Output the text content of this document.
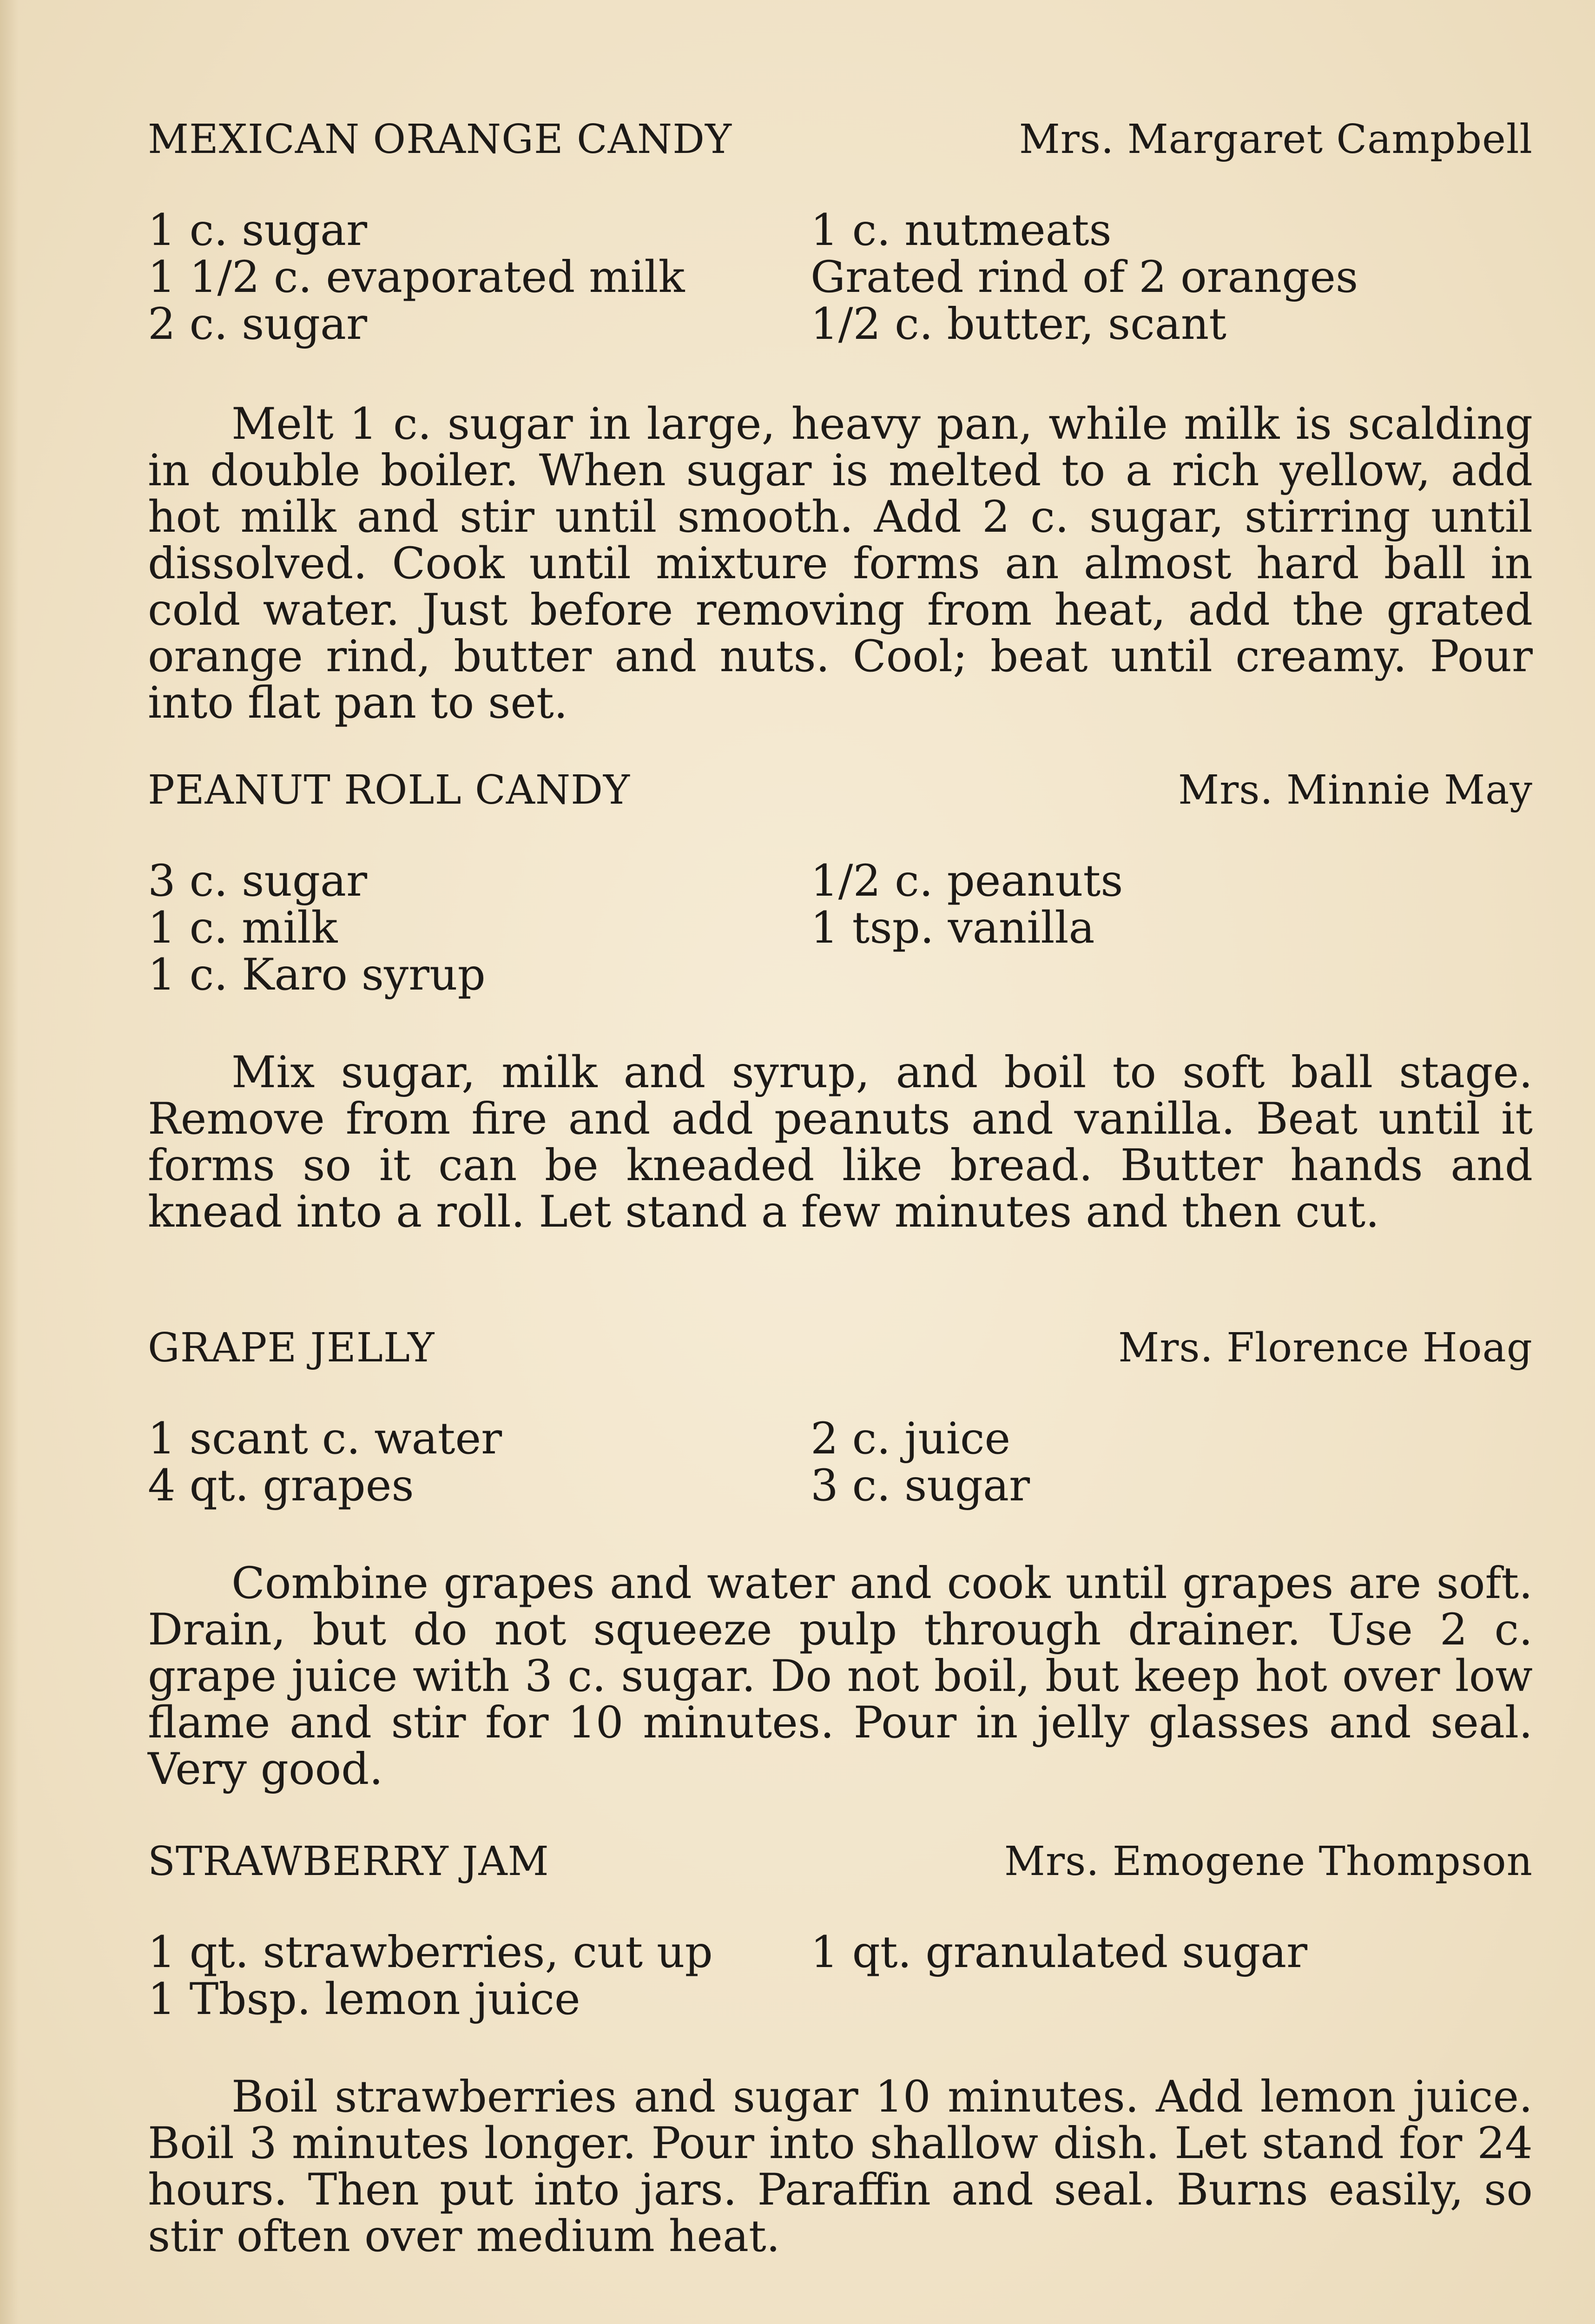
MEXICAN ORANGE CANDY	Mrs. Margaret Campbell
1 c. sugar
1 1/2 c. evaporated milk
2 c. sugar
1 c. nutmeats
Grated rind of 2 oranges
1/2 c. butter, scant

Melt 1 c. sugar in large, heavy pan, while milk is scalding in double boiler. When sugar is melted to a rich yellow, add hot milk and stir until smooth. Add 2 c. sugar, stirring until dissolved. Cook until mixture forms an almost hard ball in cold water. Just before removing from heat, add the grated orange rind, butter and nuts. Cool; beat until creamy. Pour into flat pan to set.

PEANUT ROLL CANDY	Mrs. Minnie May
3 c. sugar
1 c. milk
1 c. Karo syrup
1/2 c. peanuts
1 tsp. vanilla

Mix sugar, milk and syrup, and boil to soft ball stage. Remove from fire and add peanuts and vanilla. Beat until it forms so it can be kneaded like bread. Butter hands and knead into a roll. Let stand a few minutes and then cut.

GRAPE JELLY	Mrs. Florence Hoag
1 scant c. water
4 qt. grapes
2 c. juice
3 c. sugar

Combine grapes and water and cook until grapes are soft. Drain, but do not squeeze pulp through drainer. Use 2 c. grape juice with 3 c. sugar. Do not boil, but keep hot over low flame and stir for 10 minutes. Pour in jelly glasses and seal. Very good.

STRAWBERRY JAM	Mrs. Emogene Thompson
1 qt. strawberries, cut up
1 Tbsp. lemon juice
1 qt. granulated sugar

Boil strawberries and sugar 10 minutes. Add lemon juice. Boil 3 minutes longer. Pour into shallow dish. Let stand for 24 hours. Then put into jars. Paraffin and seal. Burns easily, so stir often over medium heat.
